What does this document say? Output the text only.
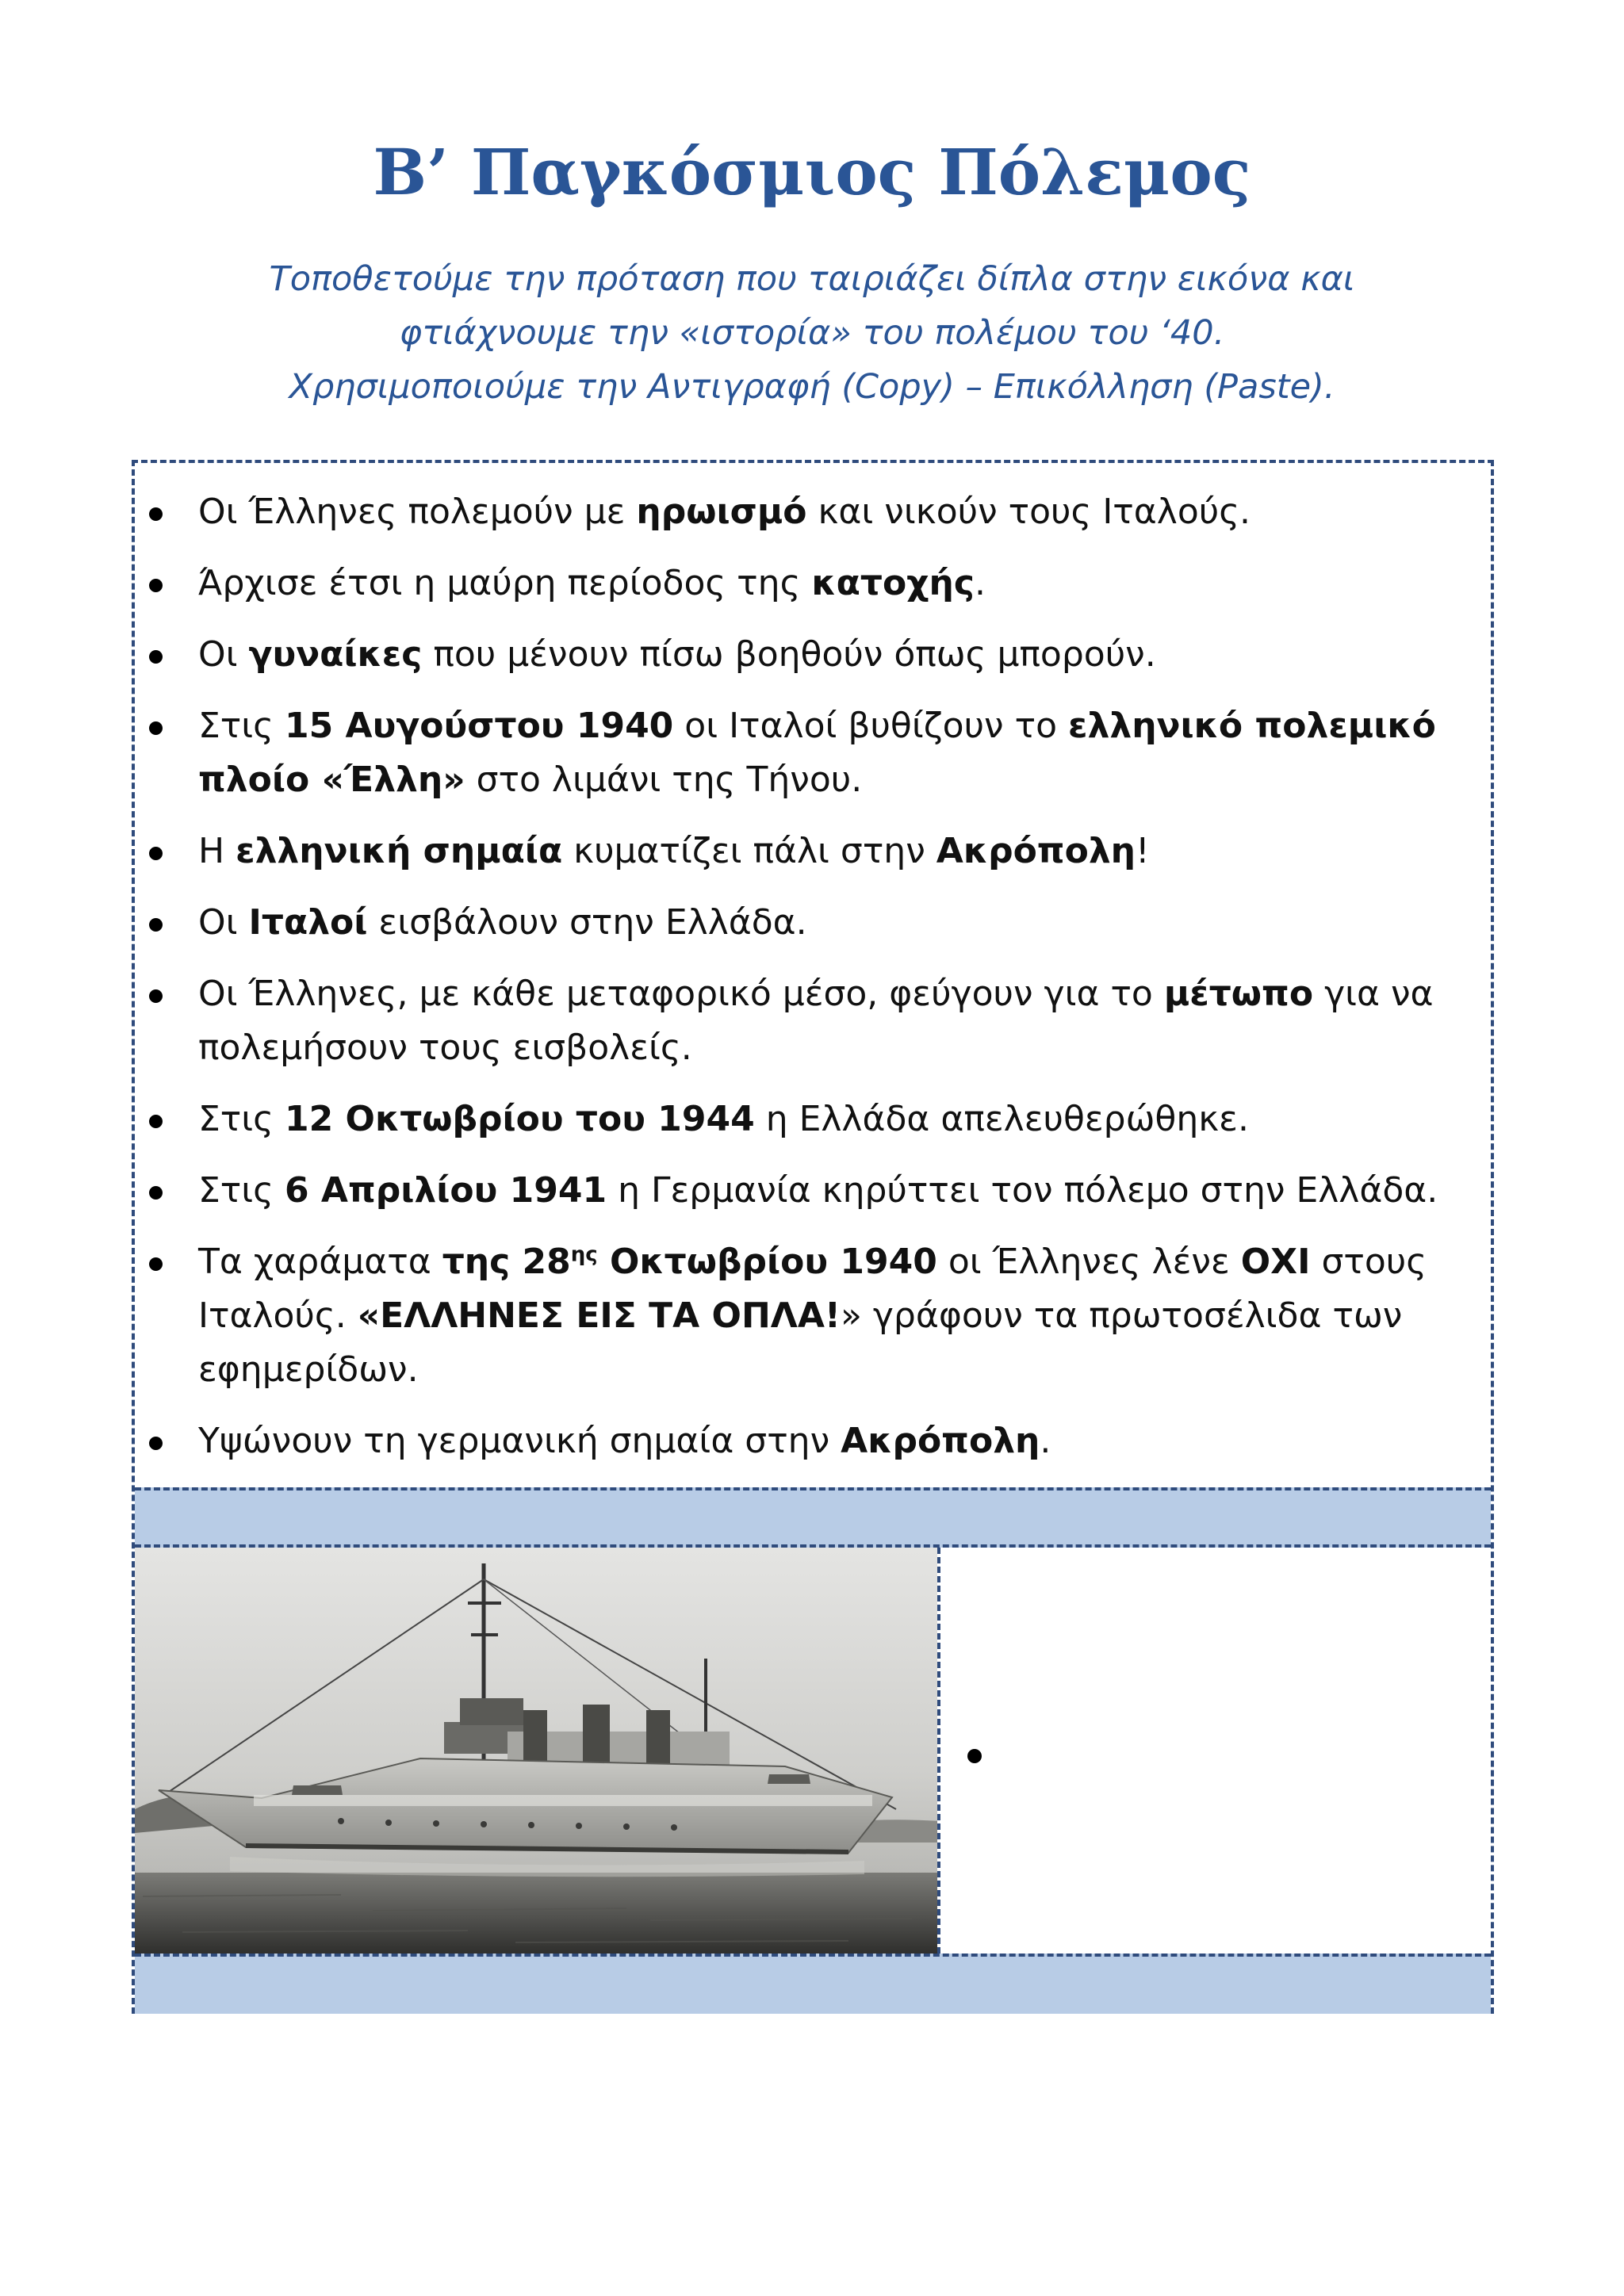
Β’ Παγκόσμιος Πόλεμος
Τοποθετούμε την πρόταση που ταιριάζει δίπλα στην εικόνα και
φτιάχνουμε την «ιστορία» του πολέμου του ‘40.
Χρησιμοποιούμε την Αντιγραφή (Copy) – Επικόλληση (Paste).
Οι Έλληνες πολεμούν με ηρωισμό και νικούν τους Ιταλούς.
Άρχισε έτσι η μαύρη περίοδος της κατοχής.
Οι γυναίκες που μένουν πίσω βοηθούν όπως μπορούν.
Στις 15 Αυγούστου 1940 οι Ιταλοί βυθίζουν το ελληνικό πολεμικό πλοίο «Έλλη» στο λιμάνι της Τήνου.
Η ελληνική σημαία κυματίζει πάλι στην Ακρόπολη!
Οι Ιταλοί εισβάλουν στην Ελλάδα.
Οι Έλληνες, με κάθε μεταφορικό μέσο, φεύγουν για το μέτωπο για να πολεμήσουν τους εισβολείς.
Στις 12 Οκτωβρίου του 1944 η Ελλάδα απελευθερώθηκε.
Στις 6 Απριλίου 1941 η Γερμανία κηρύττει τον πόλεμο στην Ελλάδα.
Τα χαράματα της $28^{\eta\varsigma}$ Οκτωβρίου 1940 οι Έλληνες λένε ΟΧΙ στους Ιταλούς. «ΕΛΛΗΝΕΣ ΕΙΣ ΤΑ ΟΠΛΑ!» γράφουν τα πρωτοσέλιδα των εφημερίδων.
Υψώνουν τη γερμανική σημαία στην Ακρόπολη.
